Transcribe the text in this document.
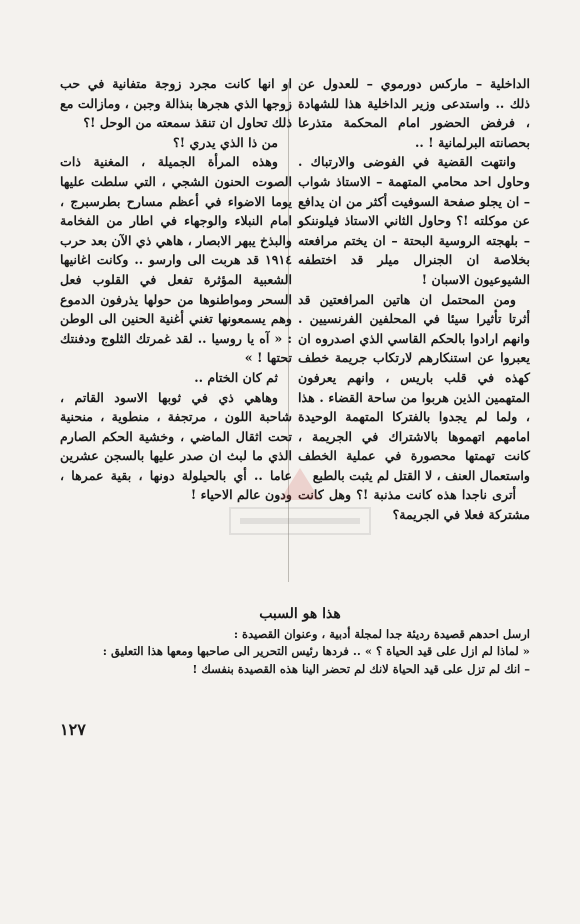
الداخلية – ماركس دورموي – للعدول عن ذلك .. واستدعى وزير الداخلية هذا للشهادة ، فرفض الحضور امام المحكمة متذرعا بحصانته البرلمانية ! ..

وانتهت القضية في الفوضى والارتباك . وحاول احد محامي المتهمة – الاستاذ شواب – ان يجلو صفحة السوفيت أكثر من ان يدافع عن موكلته !؟ وحاول الثاني الاستاذ فيلوننكو – بلهجته الروسية البحتة – ان يختم مرافعته بخلاصة ان الجنرال ميلر قد اختطفه الشيوعيون الاسبان !

ومن المحتمل ان هاتين المرافعتين قد أثرتا تأثيرا سيئا في المحلفين الفرنسيين . وانهم ارادوا بالحكم القاسي الذي اصدروه ان يعبروا عن استنكارهم لارتكاب جريمة خطف كهذه في قلب باريس ، وانهم يعرفون المتهمين الذين هربوا من ساحة القضاء . هذا ، ولما لم يجدوا بالفتركا المتهمة الوحيدة امامهم اتهموها بالاشتراك في الجريمة ، كانت تهمتها محصورة في عملية الخطف واستعمال العنف ، لا القتل لم يثبت بالطبع

أترى ناجدا هذه كانت مذنبة !؟ وهل كانت مشتركة فعلا في الجريمة؟

او انها كانت مجرد زوجة متفانية في حب زوجها الذي هجرها بنذالة وجبن ، ومازالت مع ذلك تحاول ان تنقذ سمعته من الوحل !؟

من ذا الذي يدري !؟

وهذه المرأة الجميلة ، المغنية ذات الصوت الحنون الشجي ، التي سلطت عليها يوما الاضواء في أعظم مسارح بطرسبرج ، امام النبلاء والوجهاء في اطار من الفخامة والبذخ يبهر الابصار ، هاهي ذي الآن بعد حرب ١٩١٤ قد هربت الى وارسو .. وكانت اغانيها الشعبية المؤثرة تفعل في القلوب فعل السحر ومواطنوها من حولها يذرفون الدموع وهم يسمعونها تغني أغنية الحنين الى الوطن : « آه يا روسيا .. لقد غمرتك الثلوج ودفنتك تحتها ! »

ثم كان الختام ..

وهاهي ذي في ثوبها الاسود القاتم ، شاحبة اللون ، مرتجفة ، منطوية ، منحنية تحت اثقال الماضي ، وخشية الحكم الصارم الذي ما لبث ان صدر عليها بالسجن عشرين عاما .. أي بالحيلولة دونها ، بقية عمرها ، ودون عالم الاحياء !

هذا هو السبب

ارسل احدهم قصيدة رديئة جدا لمجلة أدبية ، وعنوان القصيدة :

« لماذا لم ازل على قيد الحياة ؟ » .. فردها رئيس التحرير الى صاحبها ومعها هذا التعليق :

– انك لم تزل على قيد الحياة لانك لم تحضر الينا هذه القصيدة بنفسك !

١٢٧
